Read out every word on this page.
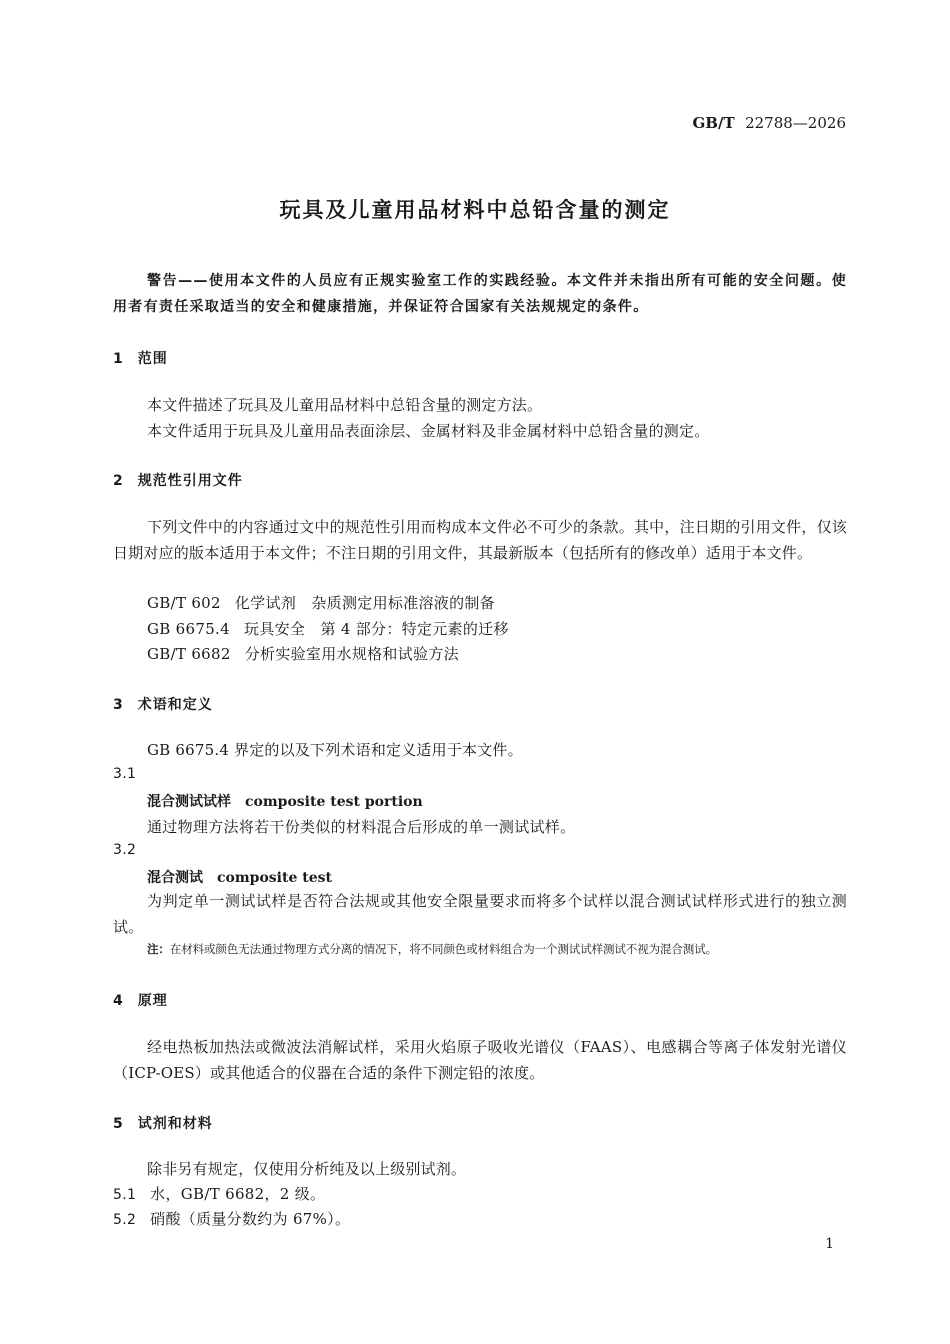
GB/T 22788—2026
玩具及儿童用品材料中总铅含量的测定
警告——使用本文件的人员应有正规实验室工作的实践经验。本文件并未指出所有可能的安全问题。使用者有责任采取适当的安全和健康措施，并保证符合国家有关法规规定的条件。
1 范围
本文件描述了玩具及儿童用品材料中总铅含量的测定方法。
本文件适用于玩具及儿童用品表面涂层、金属材料及非金属材料中总铅含量的测定。
2 规范性引用文件
下列文件中的内容通过文中的规范性引用而构成本文件必不可少的条款。其中，注日期的引用文件，仅该日期对应的版本适用于本文件；不注日期的引用文件，其最新版本（包括所有的修改单）适用于本文件。
GB/T 602 化学试剂　杂质测定用标准溶液的制备
GB 6675.4 玩具安全　第 4 部分：特定元素的迁移
GB/T 6682 分析实验室用水规格和试验方法
3 术语和定义
GB 6675.4 界定的以及下列术语和定义适用于本文件。
3.1
混合测试试样 composite test portion
通过物理方法将若干份类似的材料混合后形成的单一测试试样。
3.2
混合测试 composite test
为判定单一测试试样是否符合法规或其他安全限量要求而将多个试样以混合测试试样形式进行的独立测试。
注：在材料或颜色无法通过物理方式分离的情况下，将不同颜色或材料组合为一个测试试样测试不视为混合测试。
4 原理
经电热板加热法或微波法消解试样，采用火焰原子吸收光谱仪（FAAS）、电感耦合等离子体发射光谱仪（ICP-OES）或其他适合的仪器在合适的条件下测定铅的浓度。
5 试剂和材料
除非另有规定，仅使用分析纯及以上级别试剂。
5.1 水，GB/T 6682，2 级。
5.2 硝酸（质量分数约为 67%）。
1
